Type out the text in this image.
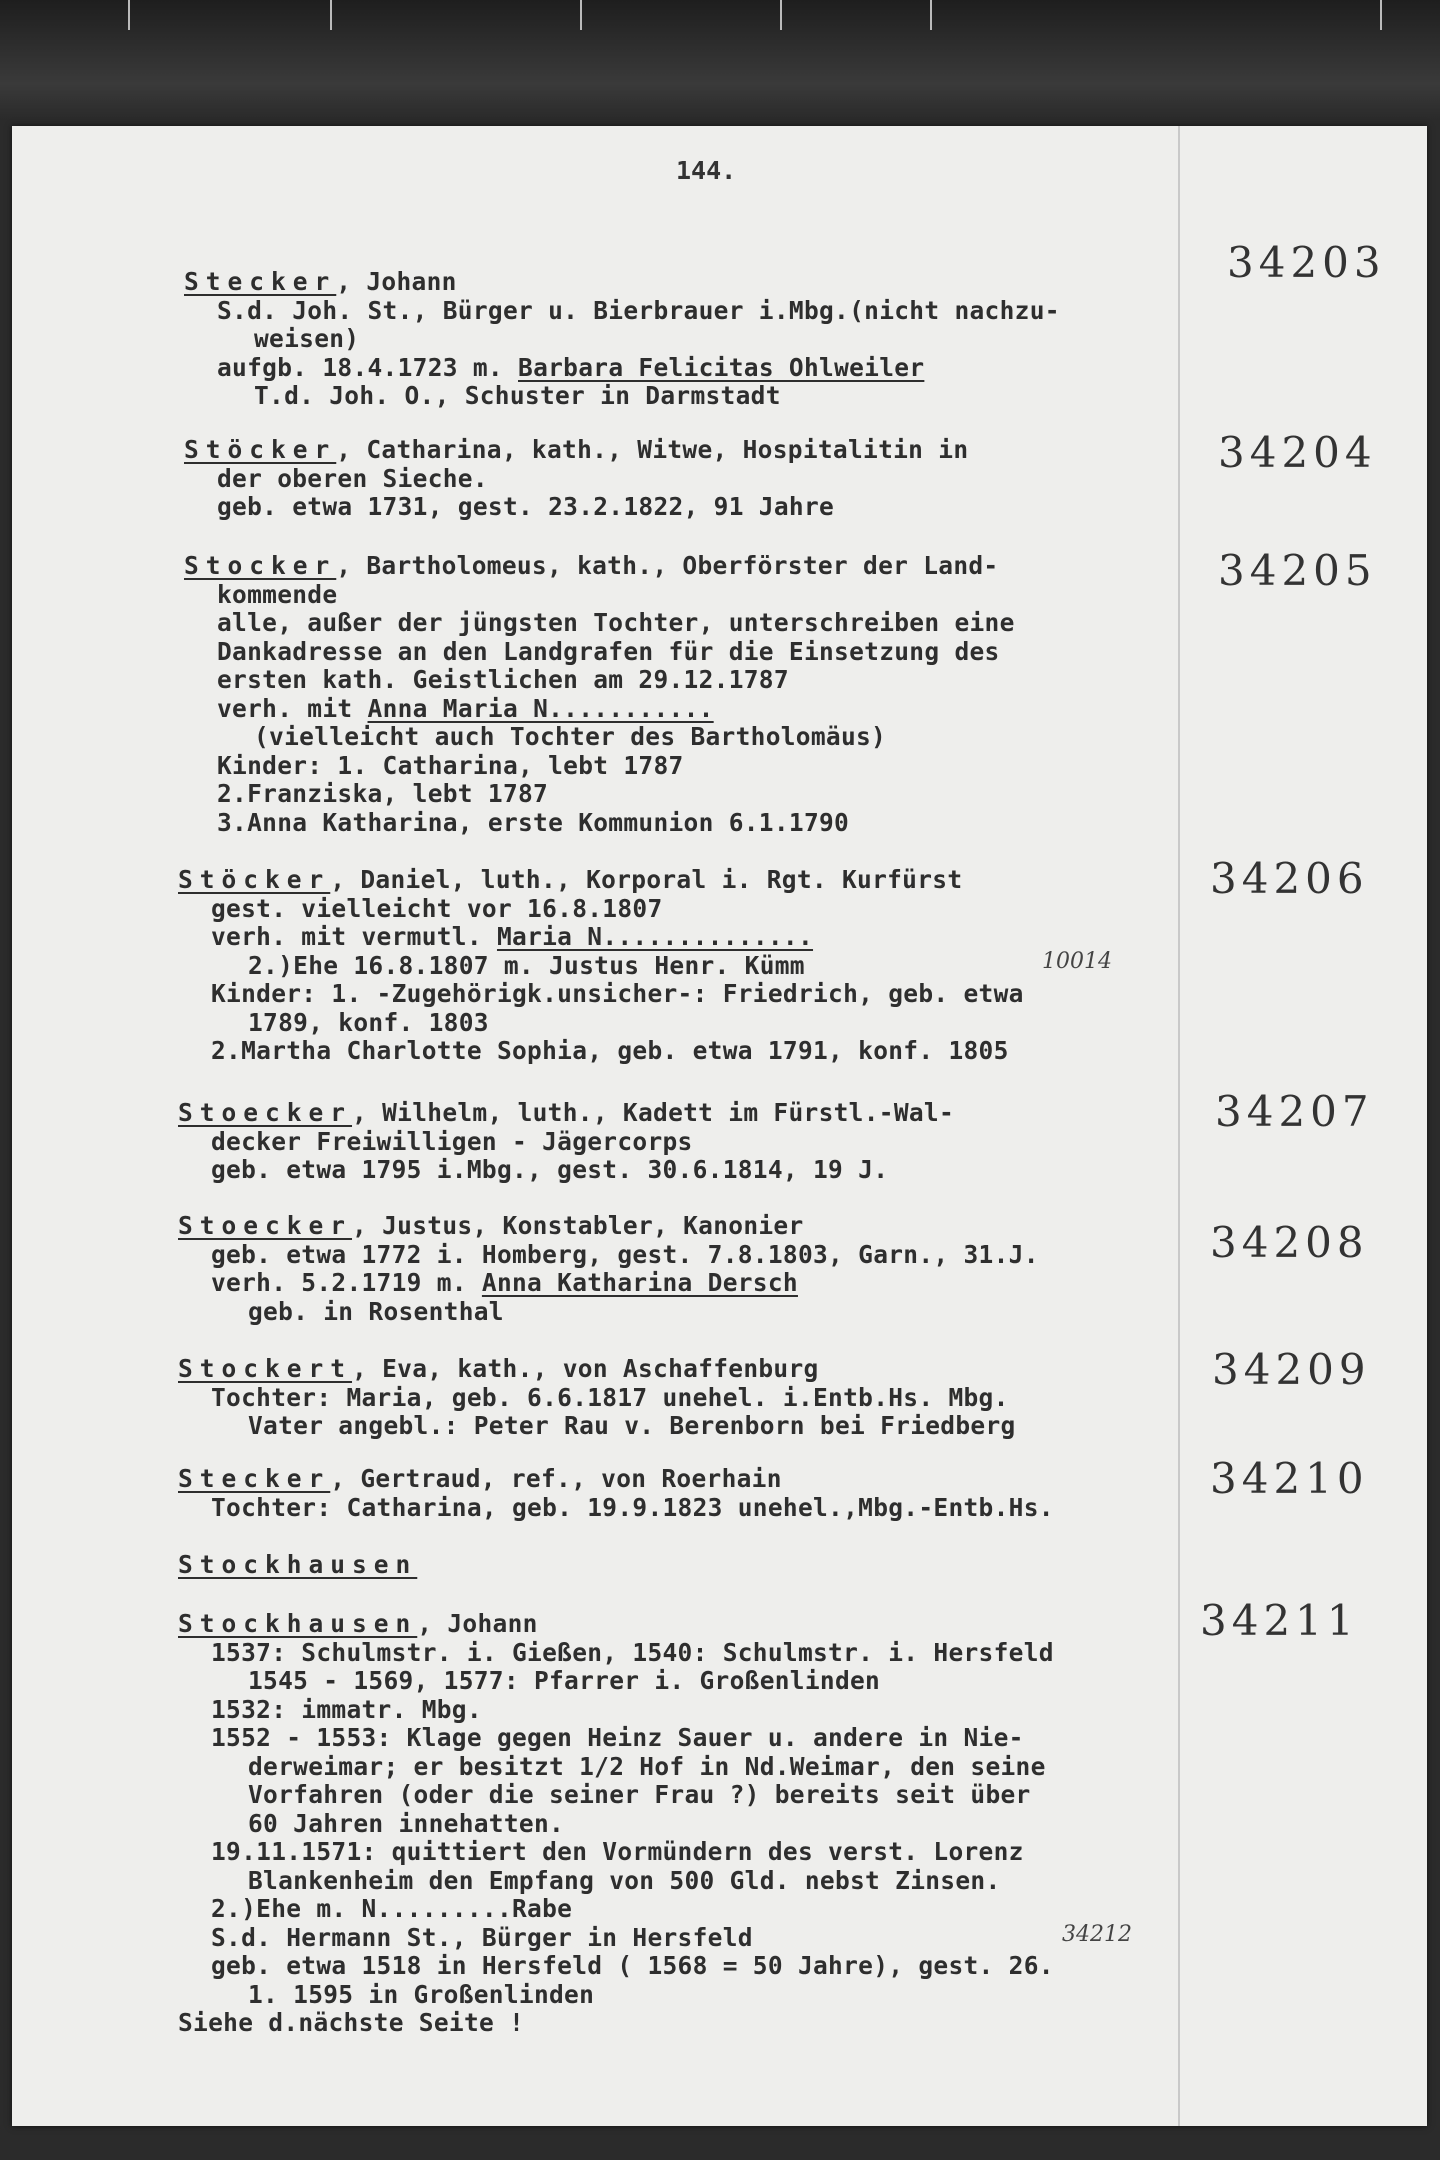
144.
Stecker, Johann
S.d. Joh. St., Bürger u. Bierbrauer i.Mbg.(nicht nachzu-
weisen)
aufgb. 18.4.1723 m. Barbara Felicitas Ohlweiler
T.d. Joh. O., Schuster in Darmstadt
34203
Stöcker, Catharina, kath., Witwe, Hospitalitin in
der oberen Sieche.
geb. etwa 1731, gest. 23.2.1822, 91 Jahre
34204
Stocker, Bartholomeus, kath., Oberförster der Land-
kommende
alle, außer der jüngsten Tochter, unterschreiben eine
Dankadresse an den Landgrafen für die Einsetzung des
ersten kath. Geistlichen am 29.12.1787
verh. mit Anna Maria N...........
(vielleicht auch Tochter des Bartholomäus)
Kinder: 1. Catharina, lebt 1787
2.Franziska, lebt 1787
3.Anna Katharina, erste Kommunion 6.1.1790
34205
Stöcker, Daniel, luth., Korporal i. Rgt. Kurfürst
gest. vielleicht vor 16.8.1807
verh. mit vermutl. Maria N..............
2.)Ehe 16.8.1807 m. Justus Henr. Kümm
Kinder: 1. -Zugehörigk.unsicher-: Friedrich, geb. etwa
1789, konf. 1803
2.Martha Charlotte Sophia, geb. etwa 1791, konf. 1805
10014
34206
Stoecker, Wilhelm, luth., Kadett im Fürstl.-Wal-
decker Freiwilligen - Jägercorps
geb. etwa 1795 i.Mbg., gest. 30.6.1814, 19 J.
34207
Stoecker, Justus, Konstabler, Kanonier
geb. etwa 1772 i. Homberg, gest. 7.8.1803, Garn., 31.J.
verh. 5.2.1719 m. Anna Katharina Dersch
geb. in Rosenthal
34208
Stockert, Eva, kath., von Aschaffenburg
Tochter: Maria, geb. 6.6.1817 unehel. i.Entb.Hs. Mbg.
Vater angebl.: Peter Rau v. Berenborn bei Friedberg
34209
Stecker, Gertraud, ref., von Roerhain
Tochter: Catharina, geb. 19.9.1823 unehel.,Mbg.-Entb.Hs.
34210
Stockhausen
Stockhausen, Johann
1537: Schulmstr. i. Gießen, 1540: Schulmstr. i. Hersfeld
1545 - 1569, 1577: Pfarrer i. Großenlinden
1532: immatr. Mbg.
1552 - 1553: Klage gegen Heinz Sauer u. andere in Nie-
derweimar; er besitzt 1/2 Hof in Nd.Weimar, den seine
Vorfahren (oder die seiner Frau ?) bereits seit über
60 Jahren innehatten.
19.11.1571: quittiert den Vormündern des verst. Lorenz
Blankenheim den Empfang von 500 Gld. nebst Zinsen.
2.)Ehe m. N.........Rabe
S.d. Hermann St., Bürger in Hersfeld
geb. etwa 1518 in Hersfeld ( 1568 = 50 Jahre), gest. 26.
1. 1595 in Großenlinden
Siehe d.nächste Seite !
34212
34211
